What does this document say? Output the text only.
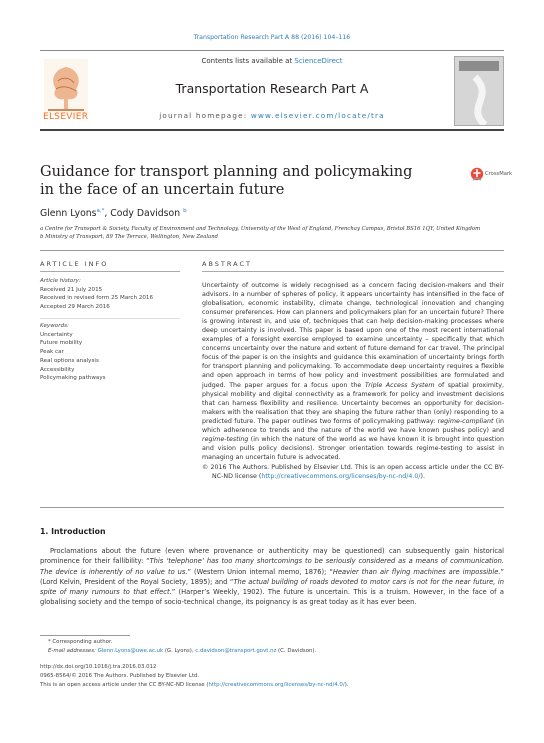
Transportation Research Part A 88 (2016) 104–116
ELSEVIER
Contents lists available at ScienceDirect
Transportation Research Part A
journal homepage: www.elsevier.com/locate/tra
Guidance for transport planning and policymaking in the face of an uncertain future
CrossMark
Glenn Lyons$^{a,*}$, Cody Davidson $^b$
a Centre for Transport & Society, Faculty of Environment and Technology, University of the West of England, Frenchay Campus, Bristol BS16 1QY, United Kingdom
b Ministry of Transport, 89 The Terrace, Wellington, New Zealand
ARTICLE INFO
Article history:
Received 21 July 2015
Received in revised form 25 March 2016
Accepted 29 March 2016
Keywords:
Uncertainty
Future mobility
Peak car
Real options analysis
Accessibility
Policymaking pathways
ABSTRACT
Uncertainty of outcome is widely recognised as a concern facing decision-makers and their advisors. In a number of spheres of policy, it appears uncertainty has intensified in the face of globalisation, economic instability, climate change, technological innovation and changing consumer preferences. How can planners and policymakers plan for an uncertain future? There is growing interest in, and use of, techniques that can help decision-making processes where deep uncertainty is involved. This paper is based upon one of the most recent international examples of a foresight exercise employed to examine uncertainty – specifically that which concerns uncertainty over the nature and extent of future demand for car travel. The principal focus of the paper is on the insights and guidance this examination of uncertainty brings forth for transport planning and policymaking. To accommodate deep uncertainty requires a flexible and open approach in terms of how policy and investment possibilities are formulated and judged. The paper argues for a focus upon the Triple Access System of spatial proximity, physical mobility and digital connectivity as a framework for policy and investment decisions that can harness flexibility and resilience. Uncertainty becomes an opportunity for decision-makers with the realisation that they are shaping the future rather than (only) responding to a predicted future. The paper outlines two forms of policymaking pathway: regime-compliant (in which adherence to trends and the nature of the world we have known pushes policy) and regime-testing (in which the nature of the world as we have known it is brought into question and vision pulls policy decisions). Stronger orientation towards regime-testing to assist in managing an uncertain future is advocated.
© 2016 The Authors. Published by Elsevier Ltd. This is an open access article under the CC BY-NC-ND license (http://creativecommons.org/licenses/by-nc-nd/4.0/).
1. Introduction
Proclamations about the future (even where provenance or authenticity may be questioned) can subsequently gain historical prominence for their fallibility: “This ‘telephone’ has too many shortcomings to be seriously considered as a means of communication. The device is inherently of no value to us.” (Western Union internal memo, 1876); “Heavier than air flying machines are impossible.” (Lord Kelvin, President of the Royal Society, 1895); and “The actual building of roads devoted to motor cars is not for the near future, in spite of many rumours to that effect.” (Harper’s Weekly, 1902). The future is uncertain. This is a truism. However, in the face of a globalising society and the tempo of socio-technical change, its poignancy is as great today as it has ever been.
* Corresponding author.
E-mail addresses: Glenn.Lyons@uwe.ac.uk (G. Lyons), c.davidson@transport.govt.nz (C. Davidson).
http://dx.doi.org/10.1016/j.tra.2016.03.012
0965-8564/© 2016 The Authors. Published by Elsevier Ltd.
This is an open access article under the CC BY-NC-ND license (http://creativecommons.org/licenses/by-nc-nd/4.0/).
